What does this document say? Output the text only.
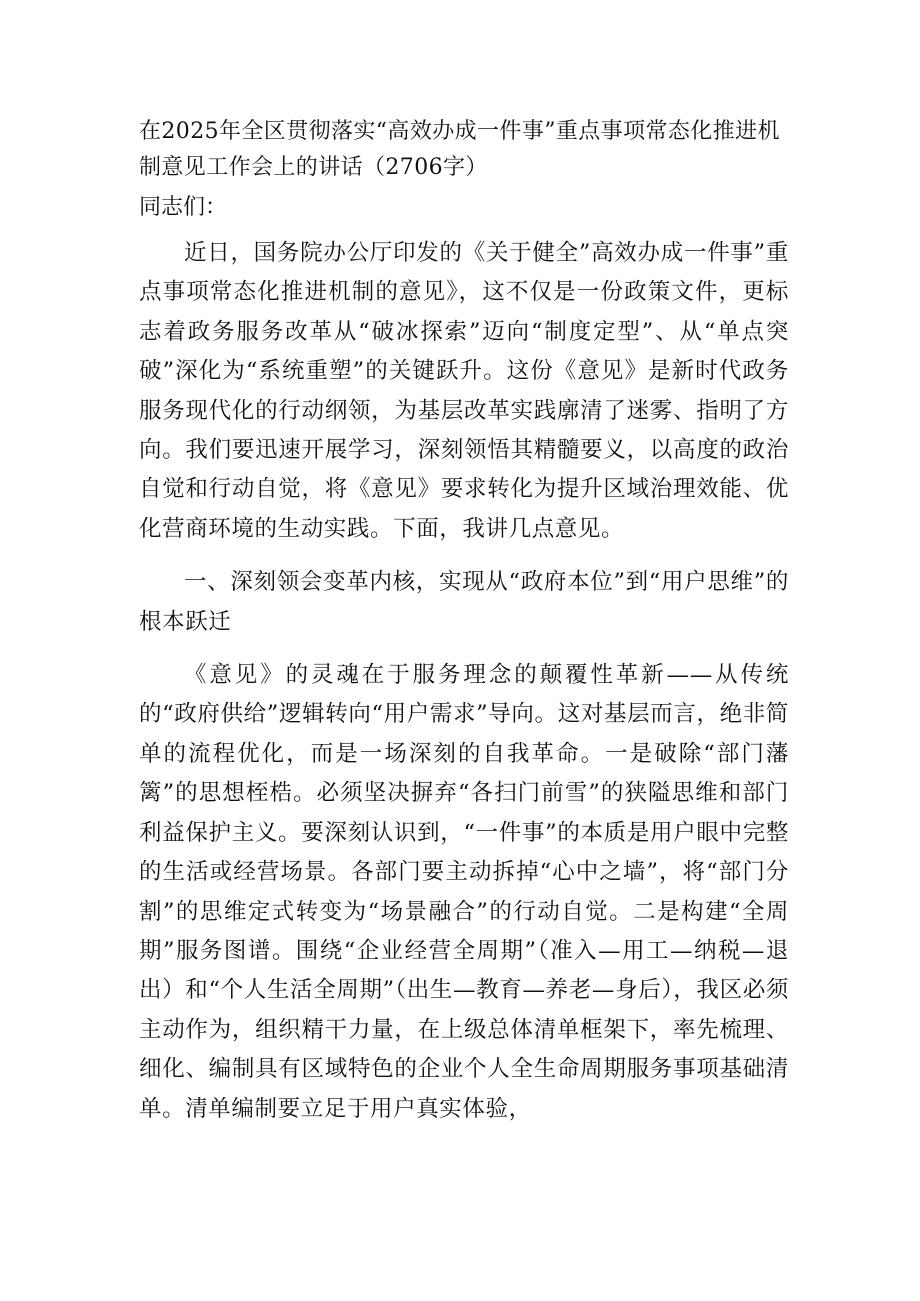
在2025年全区贯彻落实“高效办成一件事”重点事项常态化推进机制意见工作会上的讲话（2706字）
同志们：

近日，国务院办公厅印发的《关于健全”高效办成一件事”重点事项常态化推进机制的意见》，这不仅是一份政策文件，更标志着政务服务改革从“破冰探索”迈向“制度定型”、从“单点突破”深化为“系统重塑”的关键跃升。这份《意见》是新时代政务服务现代化的行动纲领，为基层改革实践廓清了迷雾、指明了方向。我们要迅速开展学习，深刻领悟其精髓要义，以高度的政治自觉和行动自觉，将《意见》要求转化为提升区域治理效能、优化营商环境的生动实践。下面，我讲几点意见。

一、深刻领会变革内核，实现从“政府本位”到“用户思维”的根本跃迁

《意见》的灵魂在于服务理念的颠覆性革新——从传统的“政府供给”逻辑转向“用户需求”导向。这对基层而言，绝非简单的流程优化，而是一场深刻的自我革命。一是破除“部门藩篱”的思想桎梏。必须坚决摒弃“各扫门前雪”的狭隘思维和部门利益保护主义。要深刻认识到，“一件事”的本质是用户眼中完整的生活或经营场景。各部门要主动拆掉“心中之墙”，将“部门分割”的思维定式转变为“场景融合”的行动自觉。二是构建“全周期”服务图谱。围绕“企业经营全周期”（准入—用工—纳税—退出）和“个人生活全周期”（出生—教育—养老—身后），我区必须主动作为，组织精干力量，在上级总体清单框架下，率先梳理、细化、编制具有区域特色的企业个人全生命周期服务事项基础清单。清单编制要立足于用户真实体验，
